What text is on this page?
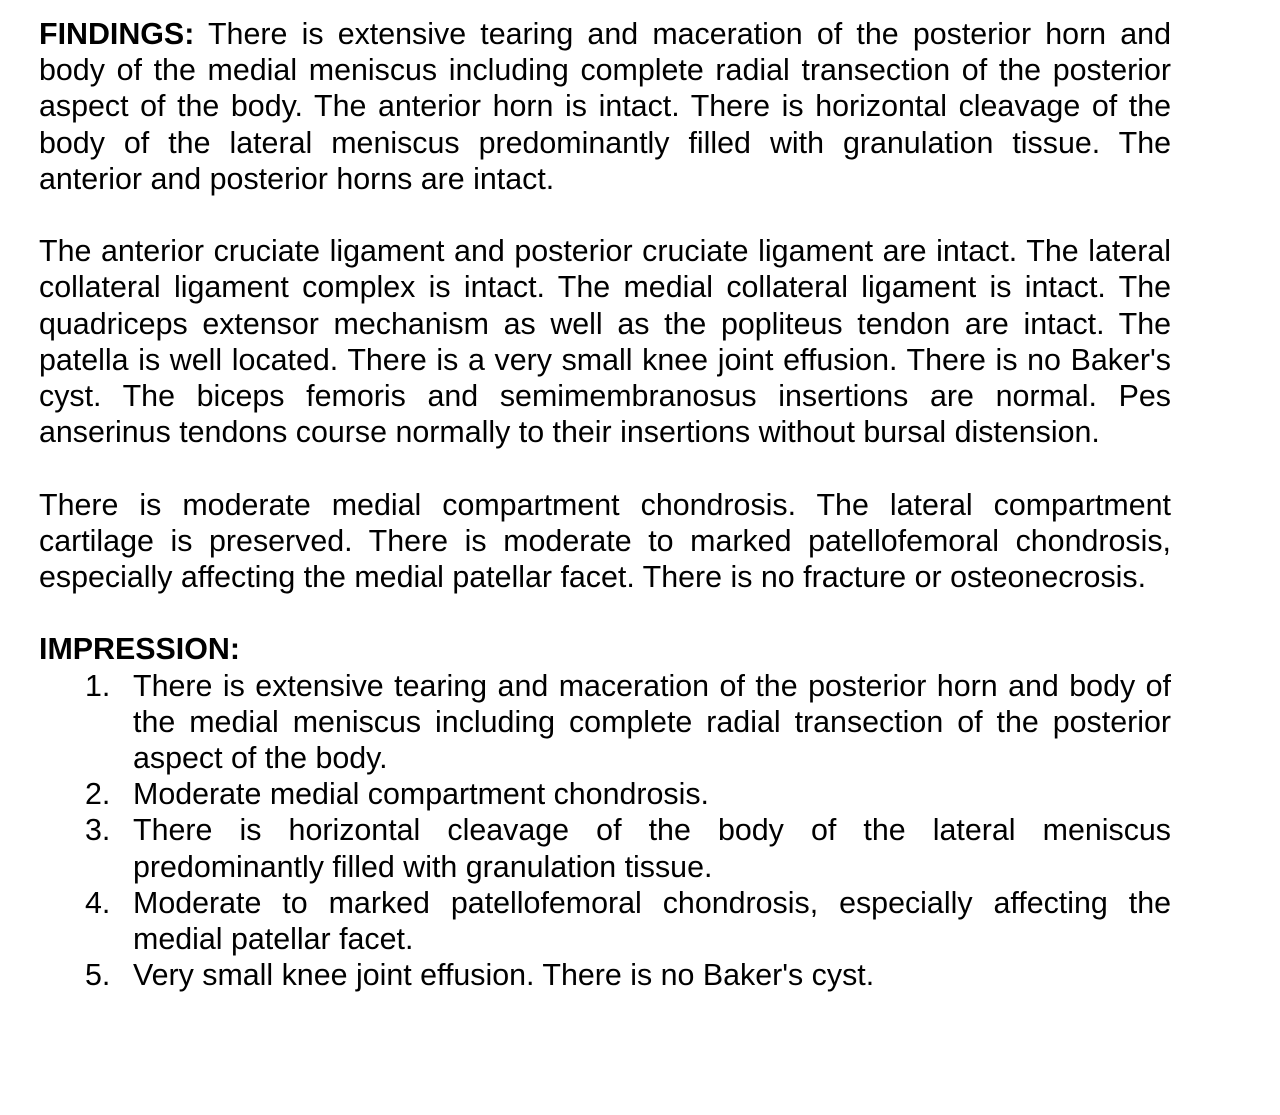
FINDINGS: There is extensive tearing and maceration of the posterior horn and body of the medial meniscus including complete radial transection of the posterior aspect of the body. The anterior horn is intact. There is horizontal cleavage of the body of the lateral meniscus predominantly filled with granulation tissue. The anterior and posterior horns are intact.

The anterior cruciate ligament and posterior cruciate ligament are intact. The lateral collateral ligament complex is intact. The medial collateral ligament is intact. The quadriceps extensor mechanism as well as the popliteus tendon are intact. The patella is well located. There is a very small knee joint effusion. There is no Baker's cyst. The biceps femoris and semimembranosus insertions are normal. Pes anserinus tendons course normally to their insertions without bursal distension.

There is moderate medial compartment chondrosis. The lateral compartment cartilage is preserved. There is moderate to marked patellofemoral chondrosis, especially affecting the medial patellar facet. There is no fracture or osteonecrosis.

IMPRESSION:

1. There is extensive tearing and maceration of the posterior horn and body of the medial meniscus including complete radial transection of the posterior aspect of the body.
2. Moderate medial compartment chondrosis.
3. There is horizontal cleavage of the body of the lateral meniscus predominantly filled with granulation tissue.
4. Moderate to marked patellofemoral chondrosis, especially affecting the medial patellar facet.
5. Very small knee joint effusion. There is no Baker's cyst.
